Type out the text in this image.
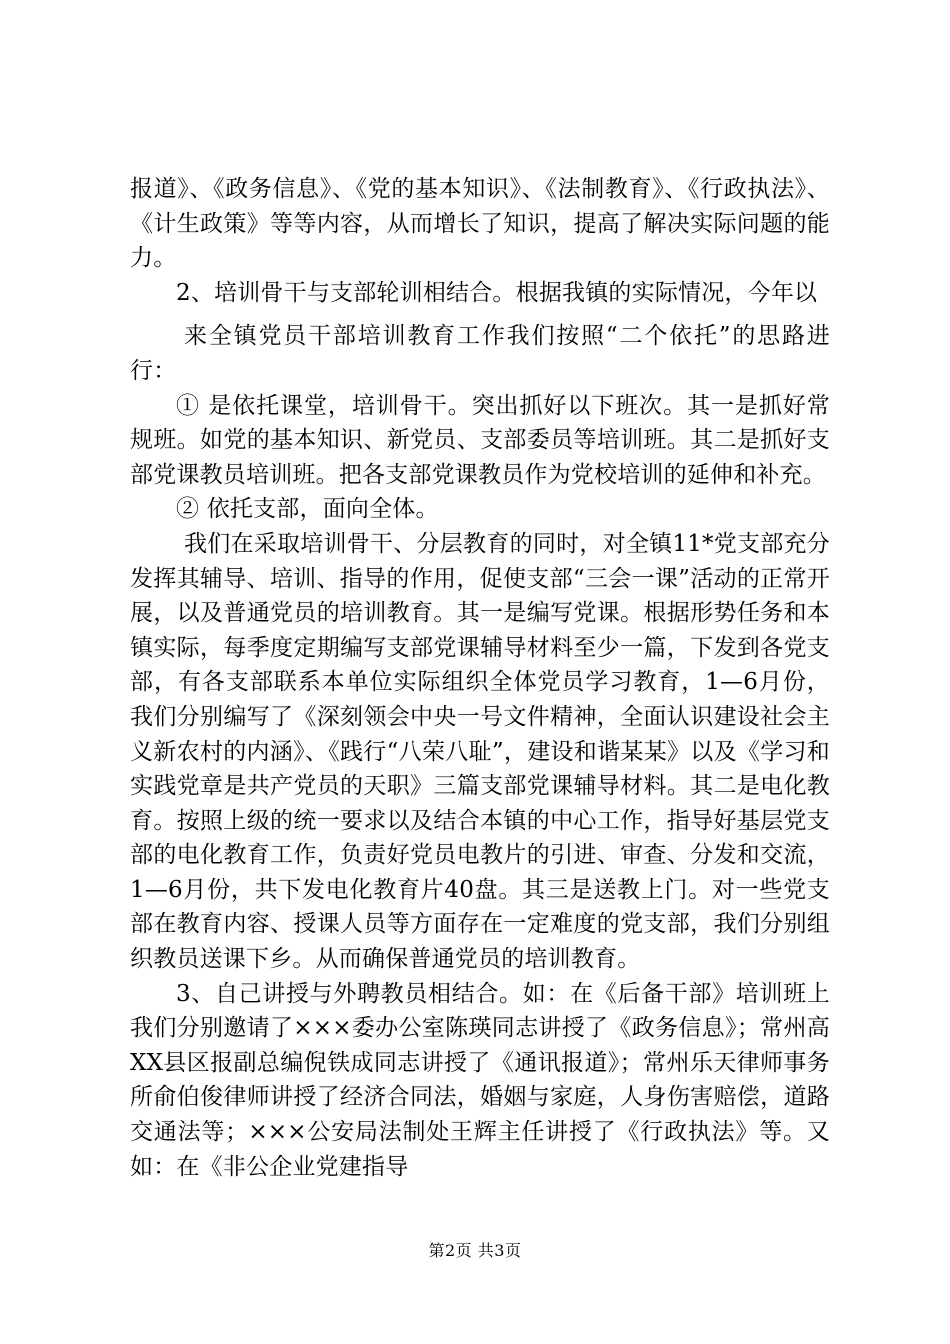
报道》、《政务信息》、《党的基本知识》、《法制教育》、《行政执法》、《计生政策》等等内容，从而增长了知识，提高了解决实际问题的能力。

2、培训骨干与支部轮训相结合。根据我镇的实际情况，今年以

来全镇党员干部培训教育工作我们按照“二个依托”的思路进行：

① 是依托课堂，培训骨干。突出抓好以下班次。其一是抓好常规班。如党的基本知识、新党员、支部委员等培训班。其二是抓好支部党课教员培训班。把各支部党课教员作为党校培训的延伸和补充。

② 依托支部，面向全体。

我们在采取培训骨干、分层教育的同时，对全镇11*党支部充分发挥其辅导、培训、指导的作用，促使支部“三会一课”活动的正常开展，以及普通党员的培训教育。其一是编写党课。根据形势任务和本镇实际，每季度定期编写支部党课辅导材料至少一篇，下发到各党支部，有各支部联系本单位实际组织全体党员学习教育，1—6月份，我们分别编写了《深刻领会中央一号文件精神，全面认识建设社会主义新农村的内涵》、《践行“八荣八耻”，建设和谐某某》以及《学习和实践党章是共产党员的天职》三篇支部党课辅导材料。其二是电化教育。按照上级的统一要求以及结合本镇的中心工作，指导好基层党支部的电化教育工作，负责好党员电教片的引进、审查、分发和交流，1—6月份，共下发电化教育片40盘。其三是送教上门。对一些党支部在教育内容、授课人员等方面存在一定难度的党支部，我们分别组织教员送课下乡。从而确保普通党员的培训教育。

3、自己讲授与外聘教员相结合。如：在《后备干部》培训班上我们分别邀请了×××委办公室陈瑛同志讲授了《政务信息》；常州高XX县区报副总编倪铁成同志讲授了《通讯报道》；常州乐天律师事务所俞伯俊律师讲授了经济合同法，婚姻与家庭，人身伤害赔偿，道路交通法等；×××公安局法制处王辉主任讲授了《行政执法》等。又如：在《非公企业党建指导

第2页 共3页
